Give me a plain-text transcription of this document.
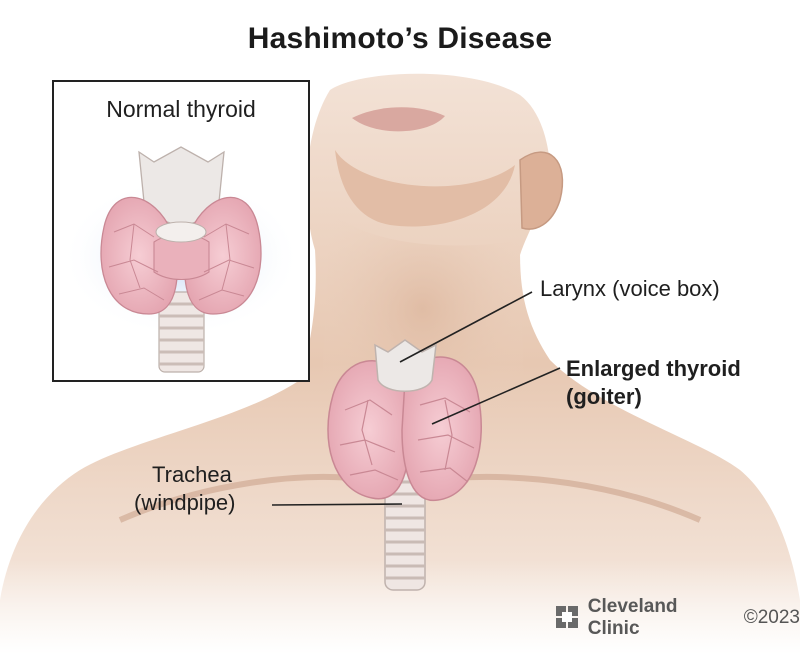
Hashimoto’s Disease
Normal thyroid
Larynx (voice box)
Enlarged thyroid
(goiter)
Trachea
(windpipe)
Cleveland Clinic
©2023
